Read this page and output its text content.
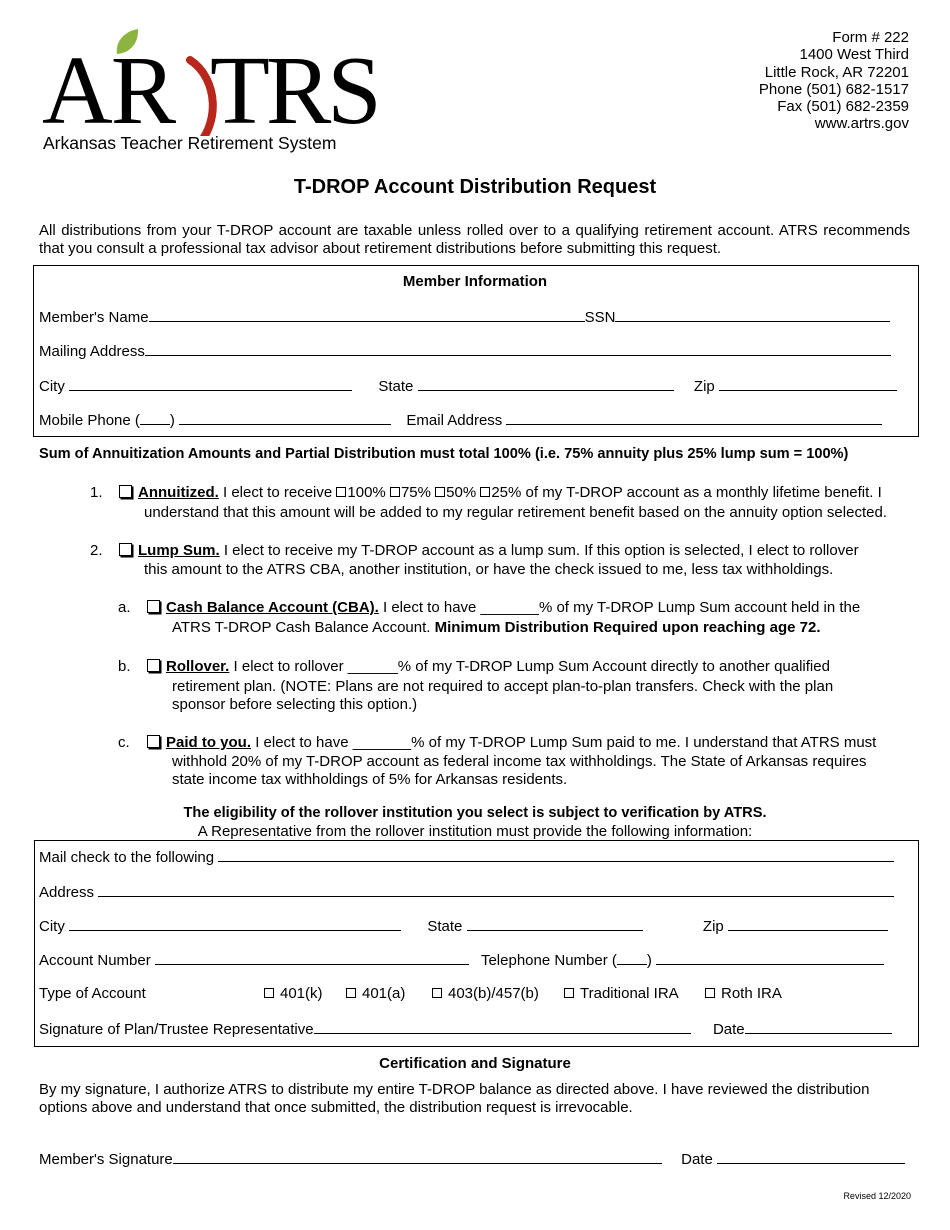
AR TRS
Arkansas Teacher Retirement System
Form # 222
1400 West Third
Little Rock, AR 72201
Phone (501) 682-1517
Fax (501) 682-2359
www.artrs.gov
T-DROP Account Distribution Request
All distributions from your T-DROP account are taxable unless rolled over to a qualifying retirement account. ATRS recommends that you consult a professional tax advisor about retirement distributions before submitting this request.
Member Information
Member's Name	SSN
Mailing Address
City	State	Zip
Mobile Phone ( )	Email Address
Sum of Annuitization Amounts and Partial Distribution must total 100% (i.e. 75% annuity plus 25% lump sum = 100%)
1.	Annuitized. I elect to receive 100% 75% 50% 25% of my T-DROP account as a monthly lifetime benefit. I
understand that this amount will be added to my regular retirement benefit based on the annuity option selected.
2.	Lump Sum. I elect to receive my T-DROP account as a lump sum. If this option is selected, I elect to rollover
this amount to the ATRS CBA, another institution, or have the check issued to me, less tax withholdings.
a.	Cash Balance Account (CBA). I elect to have _______% of my T-DROP Lump Sum account held in the
ATRS T-DROP Cash Balance Account. Minimum Distribution Required upon reaching age 72.
b.	Rollover. I elect to rollover ______% of my T-DROP Lump Sum Account directly to another qualified
retirement plan. (NOTE: Plans are not required to accept plan-to-plan transfers. Check with the plan
sponsor before selecting this option.)
c.	Paid to you. I elect to have _______% of my T-DROP Lump Sum paid to me. I understand that ATRS must
withhold 20% of my T-DROP account as federal income tax withholdings. The State of Arkansas requires
state income tax withholdings of 5% for Arkansas residents.
The eligibility of the rollover institution you select is subject to verification by ATRS.
A Representative from the rollover institution must provide the following information:
Mail check to the following
Address
City	State	Zip
Account Number	Telephone Number ( )
Type of Account	401(k)	401(a)	403(b)/457(b)	Traditional IRA	Roth IRA
Signature of Plan/Trustee Representative	Date
Certification and Signature
By my signature, I authorize ATRS to distribute my entire T-DROP balance as directed above. I have reviewed the distribution options above and understand that once submitted, the distribution request is irrevocable.
Member's Signature	Date
Revised 12/2020
